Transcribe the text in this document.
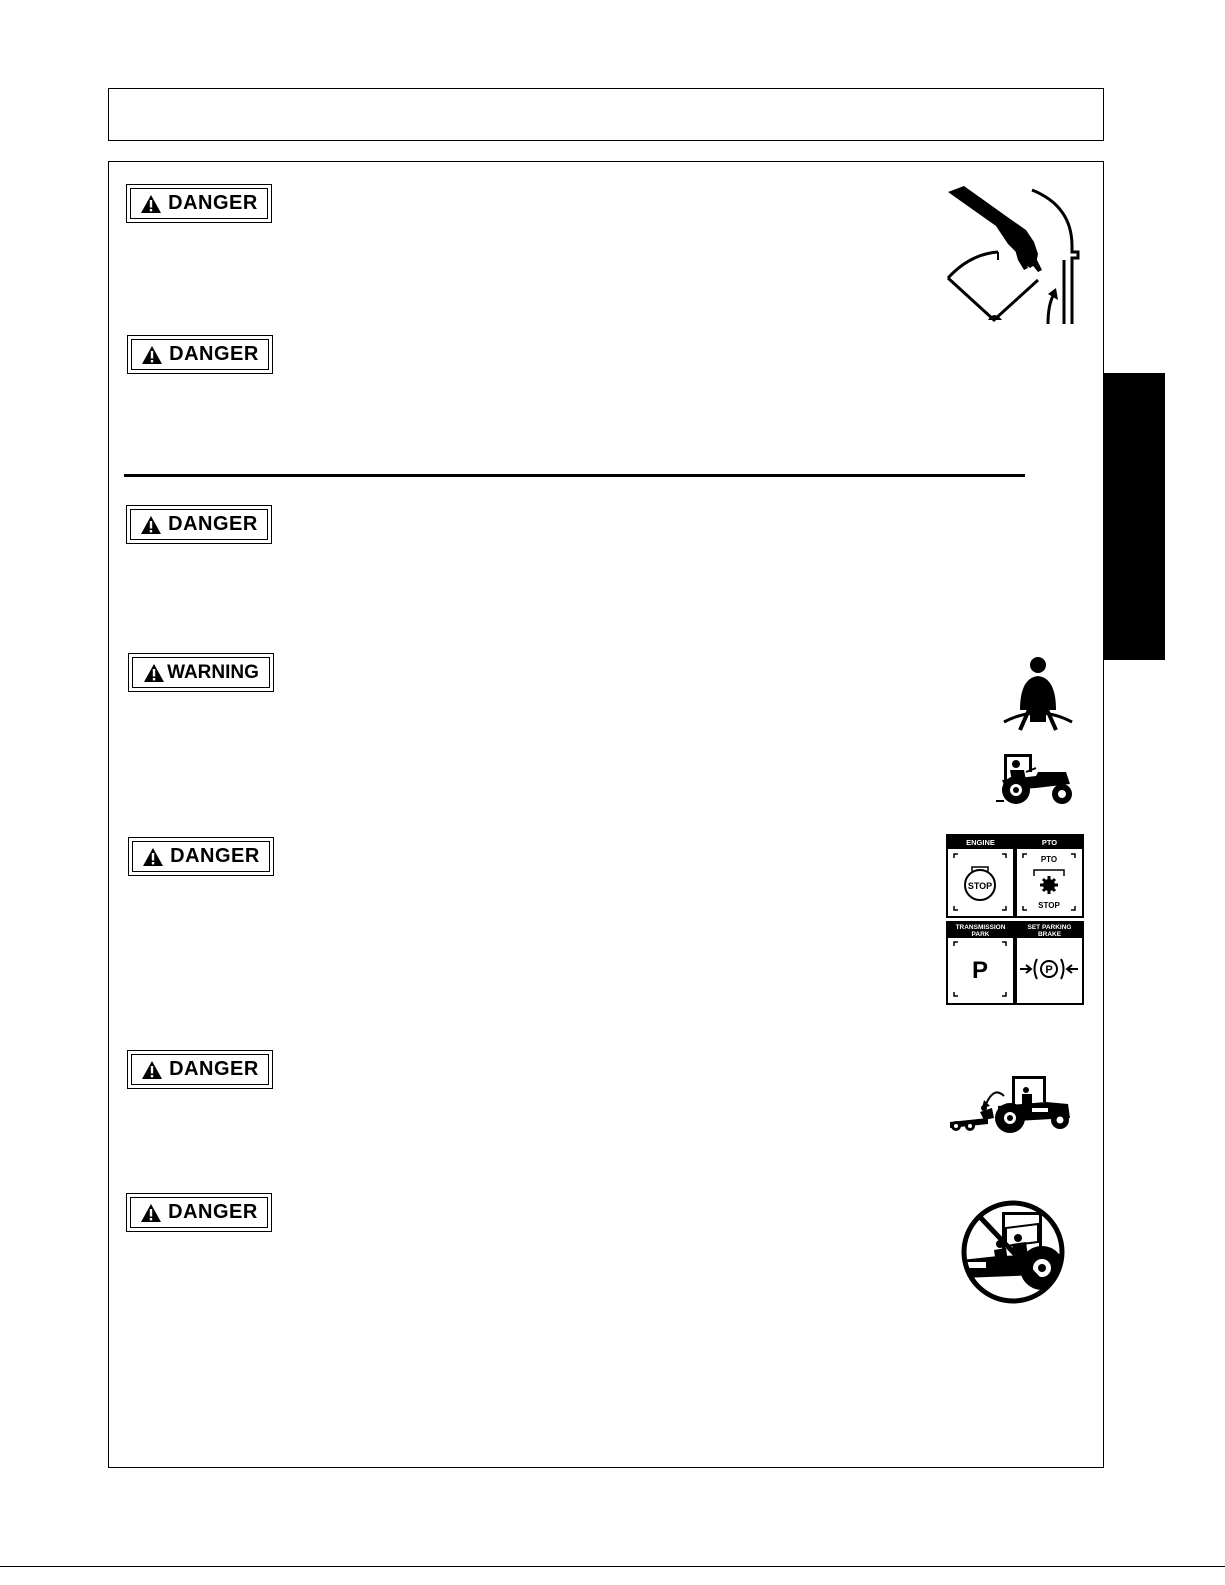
DANGER
DANGER
DANGER
WARNING
DANGER
DANGER
DANGER
ENGINE
STOP
PTO
PTO
STOP
TRANSMISSION
PARK
P
SET PARKING
BRAKE
P
